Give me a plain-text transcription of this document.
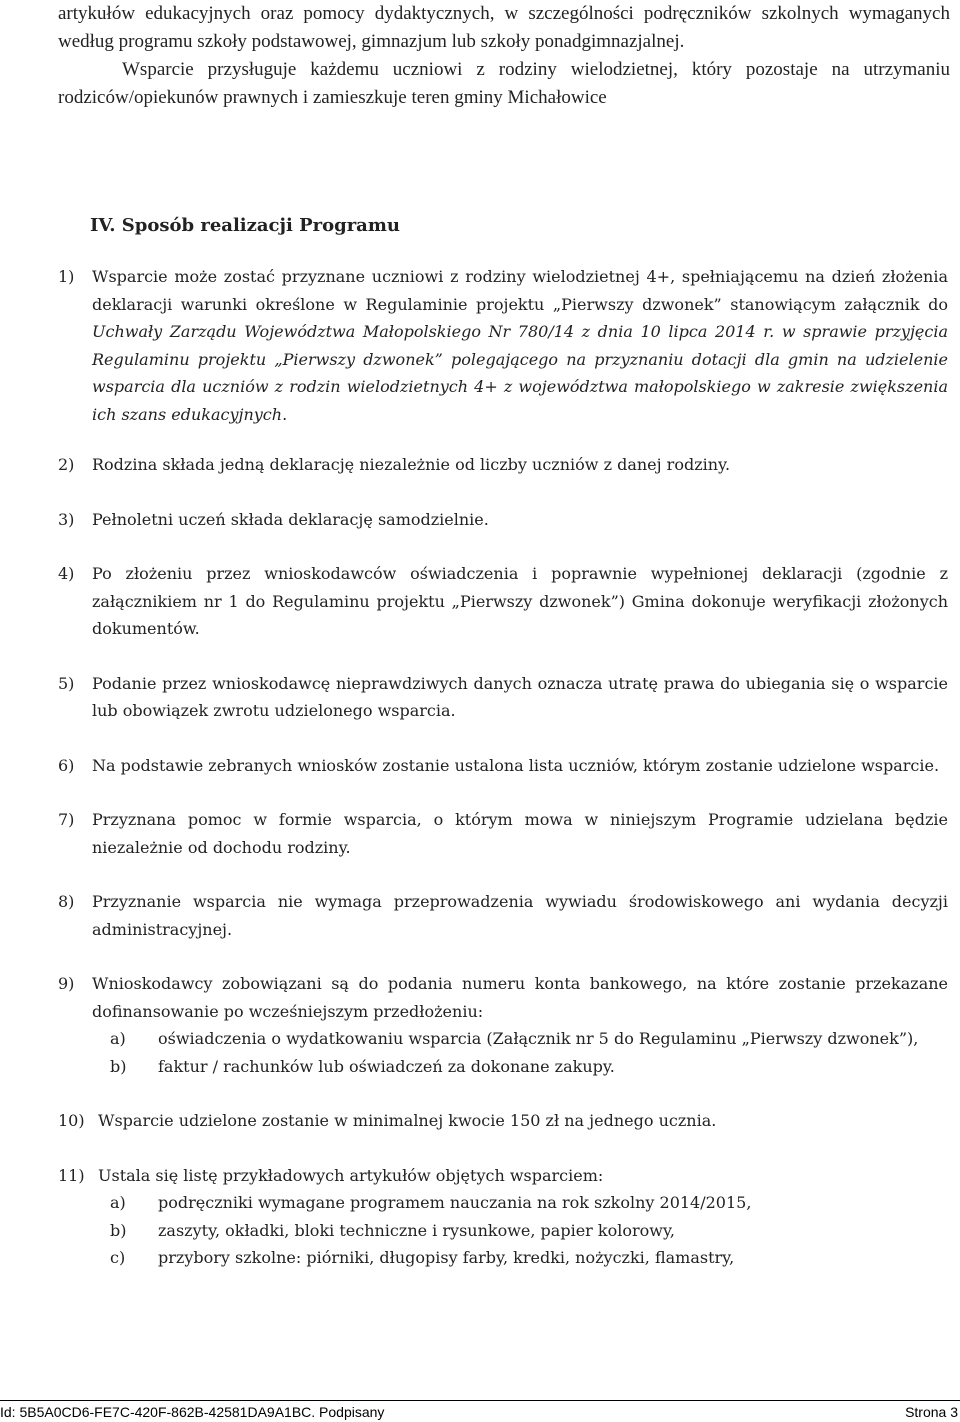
artykułów edukacyjnych oraz pomocy dydaktycznych, w szczególności podręczników szkolnych wymaganych według programu szkoły podstawowej, gimnazjum lub szkoły ponadgimnazjalnej.

Wsparcie przysługuje każdemu uczniowi z rodziny wielodzietnej, który pozostaje na utrzymaniu rodziców/opiekunów prawnych i zamieszkuje teren gminy Michałowice

IV. Sposób realizacji Programu
1) Wsparcie może zostać przyznane uczniowi z rodziny wielodzietnej 4+, spełniającemu na dzień złożenia deklaracji warunki określone w Regulaminie projektu „Pierwszy dzwonek” stanowiącym załącznik do Uchwały Zarządu Województwa Małopolskiego Nr 780/14 z dnia 10 lipca 2014 r. w sprawie przyjęcia Regulaminu projektu „Pierwszy dzwonek” polegającego na przyznaniu dotacji dla gmin na udzielenie wsparcia dla uczniów z rodzin wielodzietnych 4+ z województwa małopolskiego w zakresie zwiększenia ich szans edukacyjnych.
2) Rodzina składa jedną deklarację niezależnie od liczby uczniów z danej rodziny.
3) Pełnoletni uczeń składa deklarację samodzielnie.
4) Po złożeniu przez wnioskodawców oświadczenia i poprawnie wypełnionej deklaracji (zgodnie z załącznikiem nr 1 do Regulaminu projektu „Pierwszy dzwonek”) Gmina dokonuje weryfikacji złożonych dokumentów.
5) Podanie przez wnioskodawcę nieprawdziwych danych oznacza utratę prawa do ubiegania się o wsparcie lub obowiązek zwrotu udzielonego wsparcia.
6) Na podstawie zebranych wniosków zostanie ustalona lista uczniów, którym zostanie udzielone wsparcie.
7) Przyznana pomoc w formie wsparcia, o którym mowa w niniejszym Programie udzielana będzie niezależnie od dochodu rodziny.
8) Przyznanie wsparcia nie wymaga przeprowadzenia wywiadu środowiskowego ani wydania decyzji administracyjnej.
9) Wnioskodawcy zobowiązani są do podania numeru konta bankowego, na które zostanie przekazane dofinansowanie po wcześniejszym przedłożeniu:
a) oświadczenia o wydatkowaniu wsparcia (Załącznik nr 5 do Regulaminu „Pierwszy dzwonek”),
b) faktur / rachunków lub oświadczeń za dokonane zakupy.
10) Wsparcie udzielone zostanie w minimalnej kwocie 150 zł na jednego ucznia.
11) Ustala się listę przykładowych artykułów objętych wsparciem:
a) podręczniki wymagane programem nauczania na rok szkolny 2014/2015,
b) zaszyty, okładki, bloki techniczne i rysunkowe, papier kolorowy,
c) przybory szkolne: piórniki, długopisy farby, kredki, nożyczki, flamastry,
Id: 5B5A0CD6-FE7C-420F-862B-42581DA9A1BC. Podpisany	Strona 3
